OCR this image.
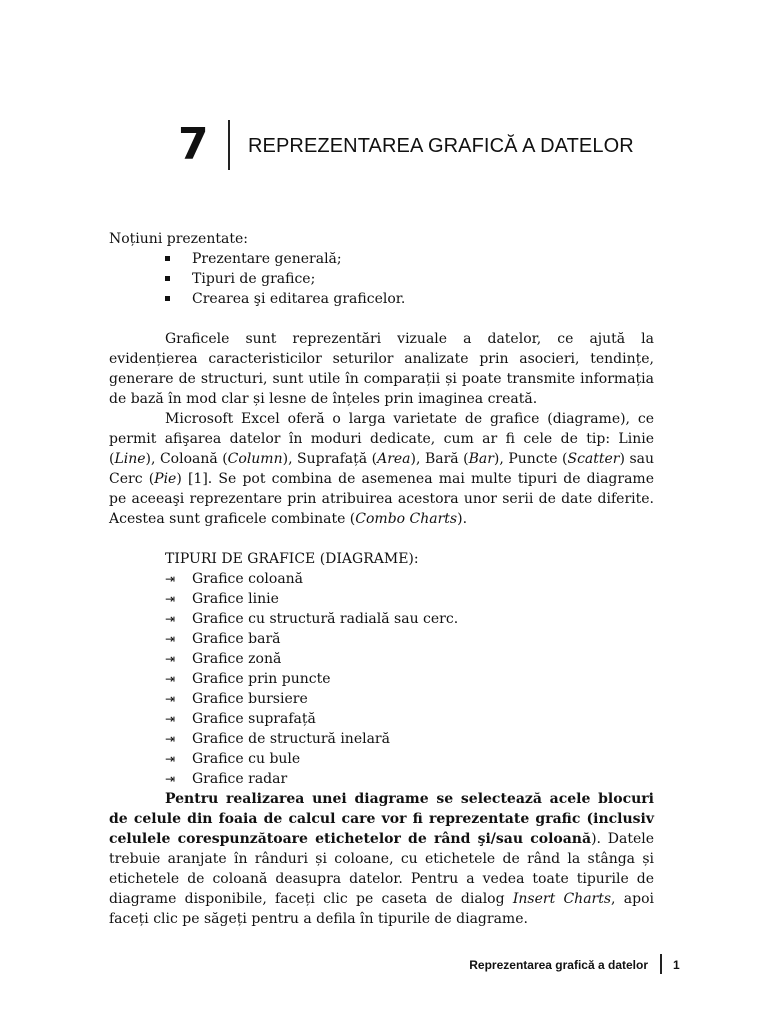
7 REPREZENTAREA GRAFICĂ A DATELOR

Noțiuni prezentate:

Prezentare generală;
Tipuri de grafice;
Crearea şi editarea graficelor.

Graficele sunt reprezentări vizuale a datelor, ce ajută la evidențierea caracteristicilor seturilor analizate prin asocieri, tendințe, generare de structuri, sunt utile în comparații și poate transmite informația de bază în mod clar și lesne de înțeles prin imaginea creată.

Microsoft Excel oferă o larga varietate de grafice (diagrame), ce permit afişarea datelor în moduri dedicate, cum ar fi cele de tip: Linie (Line), Coloană (Column), Suprafață (Area), Bară (Bar), Puncte (Scatter) sau Cerc (Pie) [1]. Se pot combina de asemenea mai multe tipuri de diagrame pe aceeaşi reprezentare prin atribuirea acestora unor serii de date diferite. Acestea sunt graficele combinate (Combo Charts).

TIPURI DE GRAFICE (DIAGRAME):

⇥ Grafice coloană
⇥ Grafice linie
⇥ Grafice cu structură radială sau cerc.
⇥ Grafice bară
⇥ Grafice zonă
⇥ Grafice prin puncte
⇥ Grafice bursiere
⇥ Grafice suprafață
⇥ Grafice de structură inelară
⇥ Grafice cu bule
⇥ Grafice radar

Pentru realizarea unei diagrame se selectează acele blocuri de celule din foaia de calcul care vor fi reprezentate grafic (inclusiv celulele corespunzătoare etichetelor de rând şi/sau coloană). Datele trebuie aranjate în rânduri și coloane, cu etichetele de rând la stânga și etichetele de coloană deasupra datelor. Pentru a vedea toate tipurile de diagrame disponibile, faceți clic pe caseta de dialog Insert Charts, apoi faceți clic pe săgeți pentru a defila în tipurile de diagrame.

Reprezentarea grafică a datelor 1
